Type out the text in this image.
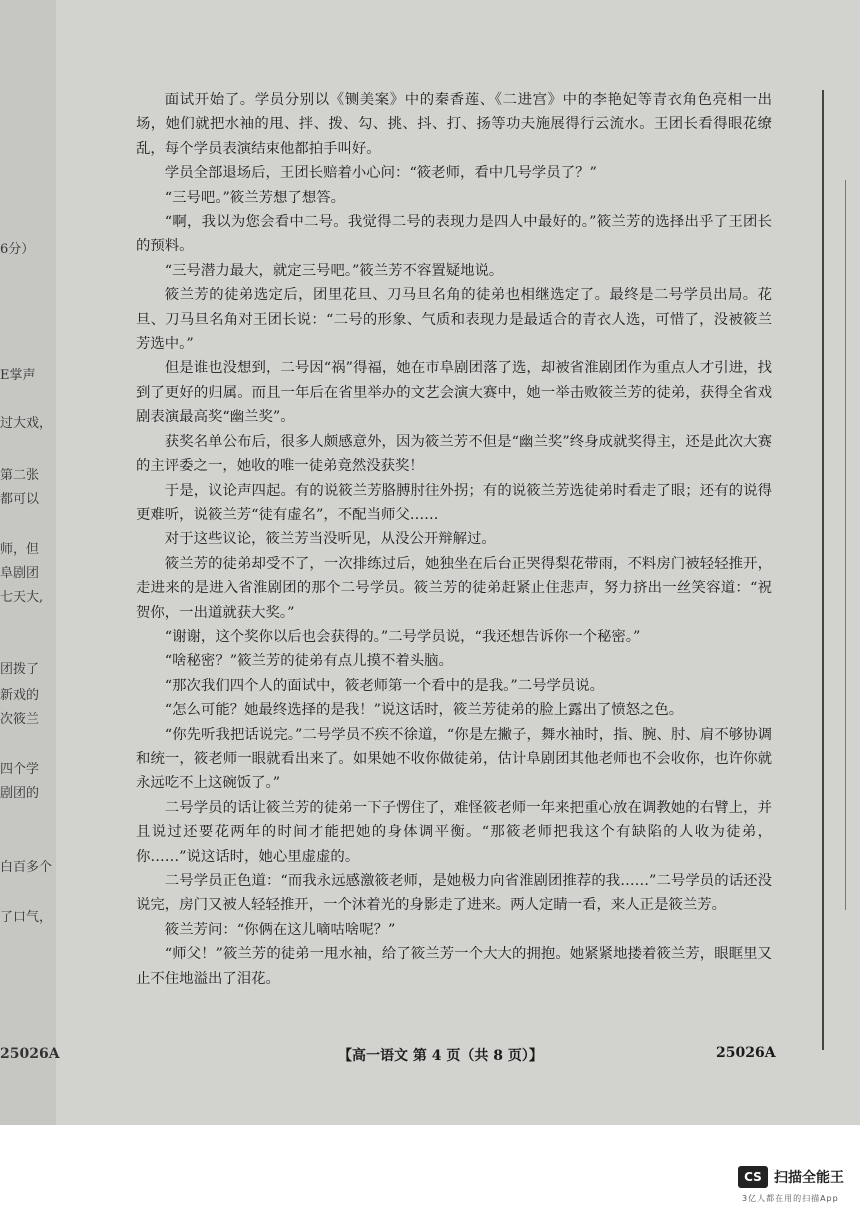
6分）
E掌声
过大戏，
第二张
都可以
师，但
阜剧团
七天大,
团拨了
新戏的
次筱兰
四个学
剧团的
白百多个
了口气，
25026A

面试开始了。学员分别以《铡美案》中的秦香莲、《二进宫》中的李艳妃等青衣角色亮相一出场，她们就把水袖的甩、拌、拨、勾、挑、抖、打、扬等功夫施展得行云流水。王团长看得眼花缭乱，每个学员表演结束他都拍手叫好。

学员全部退场后，王团长赔着小心问：“筱老师，看中几号学员了？”

“三号吧。”筱兰芳想了想答。

“啊，我以为您会看中二号。我觉得二号的表现力是四人中最好的。”筱兰芳的选择出乎了王团长的预料。

“三号潜力最大，就定三号吧。”筱兰芳不容置疑地说。

筱兰芳的徒弟选定后，团里花旦、刀马旦名角的徒弟也相继选定了。最终是二号学员出局。花旦、刀马旦名角对王团长说：“二号的形象、气质和表现力是最适合的青衣人选，可惜了，没被筱兰芳选中。”

但是谁也没想到，二号因“祸”得福，她在市阜剧团落了选，却被省淮剧团作为重点人才引进，找到了更好的归属。而且一年后在省里举办的文艺会演大赛中，她一举击败筱兰芳的徒弟，获得全省戏剧表演最高奖“幽兰奖”。

获奖名单公布后，很多人颇感意外，因为筱兰芳不但是“幽兰奖”终身成就奖得主，还是此次大赛的主评委之一，她收的唯一徒弟竟然没获奖！

于是，议论声四起。有的说筱兰芳胳膊肘往外拐；有的说筱兰芳选徒弟时看走了眼；还有的说得更难听，说筱兰芳“徒有虚名”，不配当师父……

对于这些议论，筱兰芳当没听见，从没公开辩解过。

筱兰芳的徒弟却受不了，一次排练过后，她独坐在后台正哭得梨花带雨，不料房门被轻轻推开，走进来的是进入省淮剧团的那个二号学员。筱兰芳的徒弟赶紧止住悲声，努力挤出一丝笑容道：“祝贺你，一出道就获大奖。”

“谢谢，这个奖你以后也会获得的。”二号学员说，“我还想告诉你一个秘密。”

“啥秘密？”筱兰芳的徒弟有点儿摸不着头脑。

“那次我们四个人的面试中，筱老师第一个看中的是我。”二号学员说。

“怎么可能？她最终选择的是我！”说这话时，筱兰芳徒弟的脸上露出了愤怒之色。

“你先听我把话说完。”二号学员不疾不徐道，“你是左撇子，舞水袖时，指、腕、肘、肩不够协调和统一，筱老师一眼就看出来了。如果她不收你做徒弟，估计阜剧团其他老师也不会收你，也许你就永远吃不上这碗饭了。”

二号学员的话让筱兰芳的徒弟一下子愣住了，难怪筱老师一年来把重心放在调教她的右臂上，并且说过还要花两年的时间才能把她的身体调平衡。“那筱老师把我这个有缺陷的人收为徒弟，你……”说这话时，她心里虚虚的。

二号学员正色道：“而我永远感激筱老师，是她极力向省淮剧团推荐的我……”二号学员的话还没说完，房门又被人轻轻推开，一个沐着光的身影走了进来。两人定睛一看，来人正是筱兰芳。

筱兰芳问：“你俩在这儿嘀咕啥呢？”

“师父！”筱兰芳的徒弟一甩水袖，给了筱兰芳一个大大的拥抱。她紧紧地搂着筱兰芳，眼眶里又止不住地溢出了泪花。

【高一语文 第 4 页（共 8 页）】	25026A
CS 扫描全能王
3亿人都在用的扫描App
